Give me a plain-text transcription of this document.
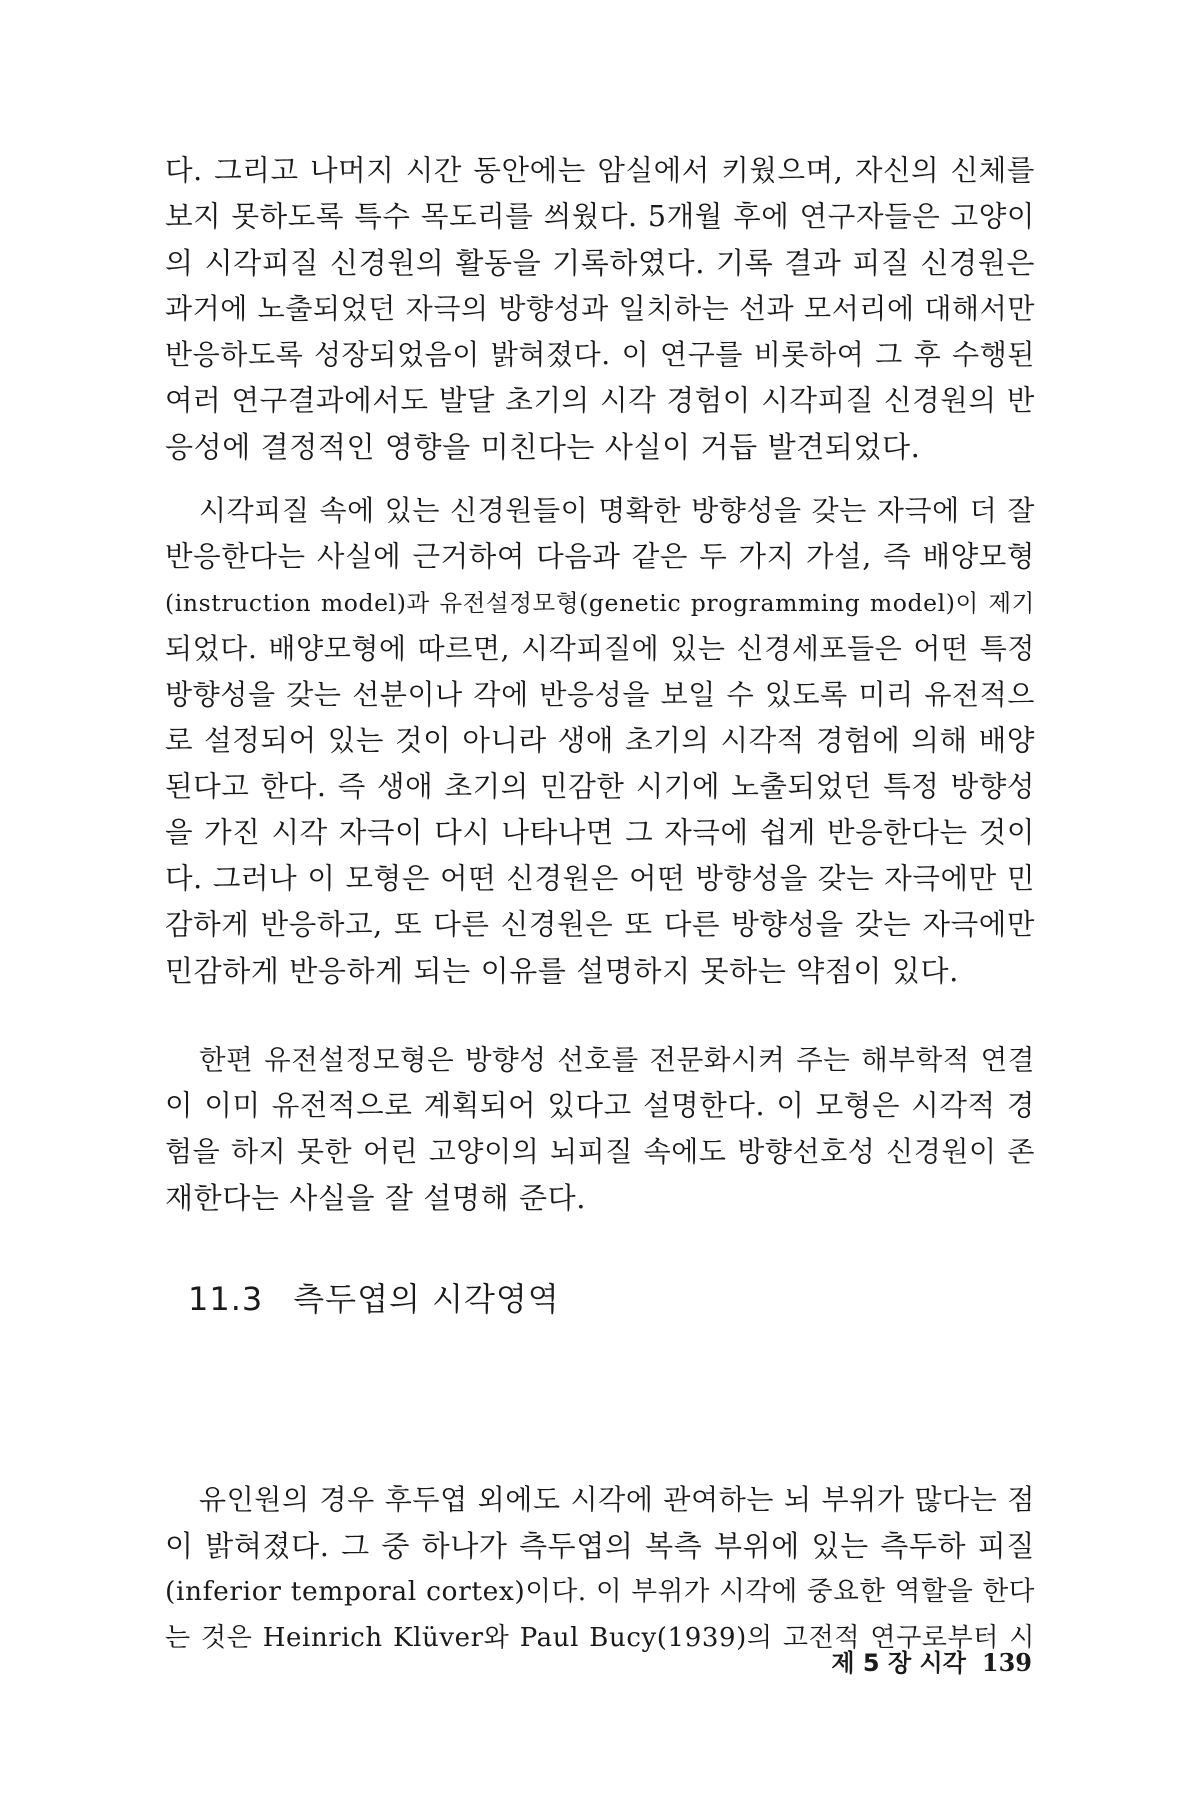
다. 그리고 나머지 시간 동안에는 암실에서 키웠으며, 자신의 신체를
보지 못하도록 특수 목도리를 씌웠다. 5개월 후에 연구자들은 고양이
의 시각피질 신경원의 활동을 기록하였다. 기록 결과 피질 신경원은
과거에 노출되었던 자극의 방향성과 일치하는 선과 모서리에 대해서만
반응하도록 성장되었음이 밝혀졌다. 이 연구를 비롯하여 그 후 수행된
여러 연구결과에서도 발달 초기의 시각 경험이 시각피질 신경원의 반
응성에 결정적인 영향을 미친다는 사실이 거듭 발견되었다.
시각피질 속에 있는 신경원들이 명확한 방향성을 갖는 자극에 더 잘
반응한다는 사실에 근거하여 다음과 같은 두 가지 가설, 즉 배양모형
(instruction model)과 유전설정모형(genetic programming model)이 제기
되었다. 배양모형에 따르면, 시각피질에 있는 신경세포들은 어떤 특정
방향성을 갖는 선분이나 각에 반응성을 보일 수 있도록 미리 유전적으
로 설정되어 있는 것이 아니라 생애 초기의 시각적 경험에 의해 배양
된다고 한다. 즉 생애 초기의 민감한 시기에 노출되었던 특정 방향성
을 가진 시각 자극이 다시 나타나면 그 자극에 쉽게 반응한다는 것이
다. 그러나 이 모형은 어떤 신경원은 어떤 방향성을 갖는 자극에만 민
감하게 반응하고, 또 다른 신경원은 또 다른 방향성을 갖는 자극에만
민감하게 반응하게 되는 이유를 설명하지 못하는 약점이 있다.
한편 유전설정모형은 방향성 선호를 전문화시켜 주는 해부학적 연결
이 이미 유전적으로 계획되어 있다고 설명한다. 이 모형은 시각적 경
험을 하지 못한 어린 고양이의 뇌피질 속에도 방향선호성 신경원이 존
재한다는 사실을 잘 설명해 준다.
11.3 측두엽의 시각영역
유인원의 경우 후두엽 외에도 시각에 관여하는 뇌 부위가 많다는 점
이 밝혀졌다. 그 중 하나가 측두엽의 복측 부위에 있는 측두하 피질
(inferior temporal cortex)이다. 이 부위가 시각에 중요한 역할을 한다
는 것은 Heinrich Klüver와 Paul Bucy(1939)의 고전적 연구로부터 시
제 5 장 시각 139
